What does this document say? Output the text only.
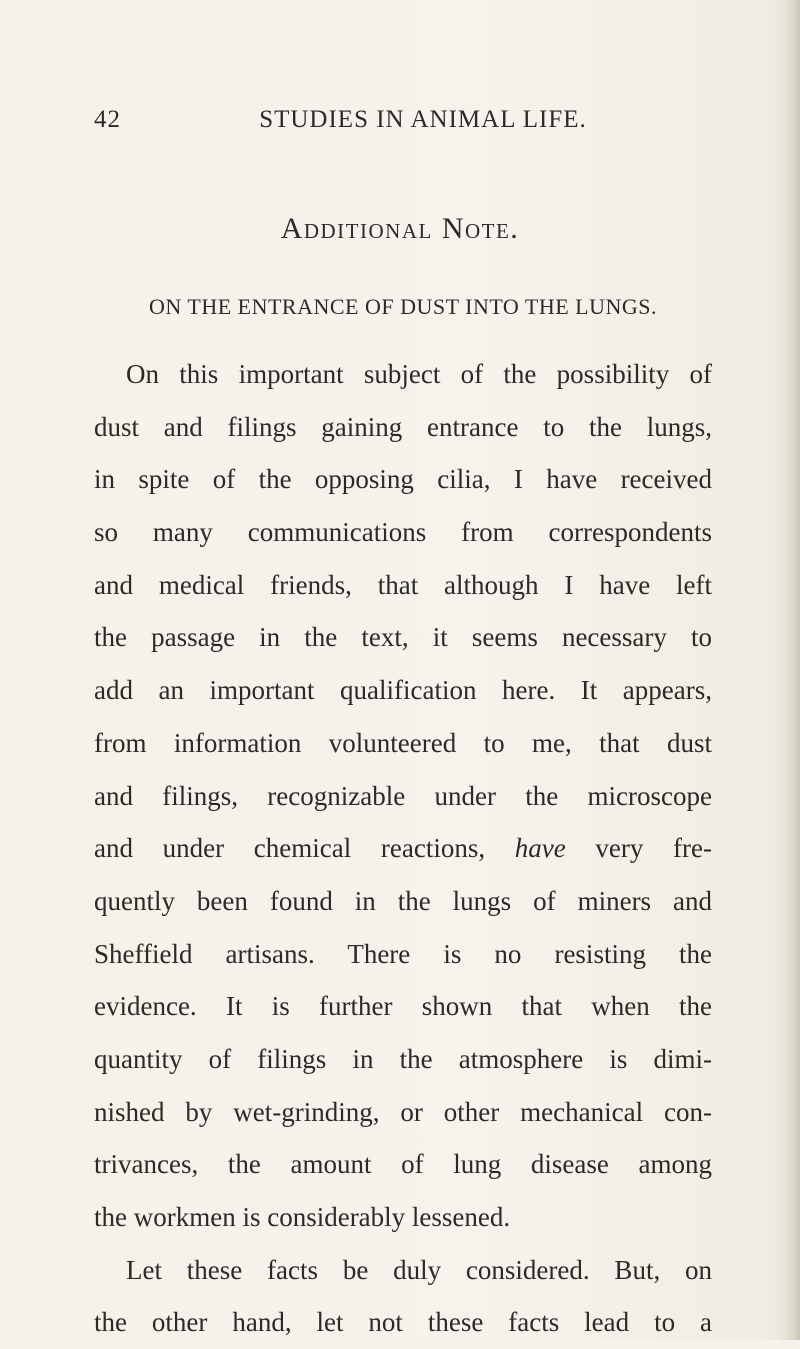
42	STUDIES IN ANIMAL LIFE.
Additional Note.
ON THE ENTRANCE OF DUST INTO THE LUNGS.
On this important subject of the possibility of
dust and filings gaining entrance to the lungs,
in spite of the opposing cilia, I have received
so many communications from correspondents
and medical friends, that although I have left
the passage in the text, it seems necessary to
add an important qualification here. It appears,
from information volunteered to me, that dust
and filings, recognizable under the microscope
and under chemical reactions, have very fre-
quently been found in the lungs of miners and
Sheffield artisans. There is no resisting the
evidence. It is further shown that when the
quantity of filings in the atmosphere is dimi-
nished by wet-grinding, or other mechanical con-
trivances, the amount of lung disease among
the workmen is considerably lessened.
Let these facts be duly considered. But, on
the other hand, let not these facts lead to a
